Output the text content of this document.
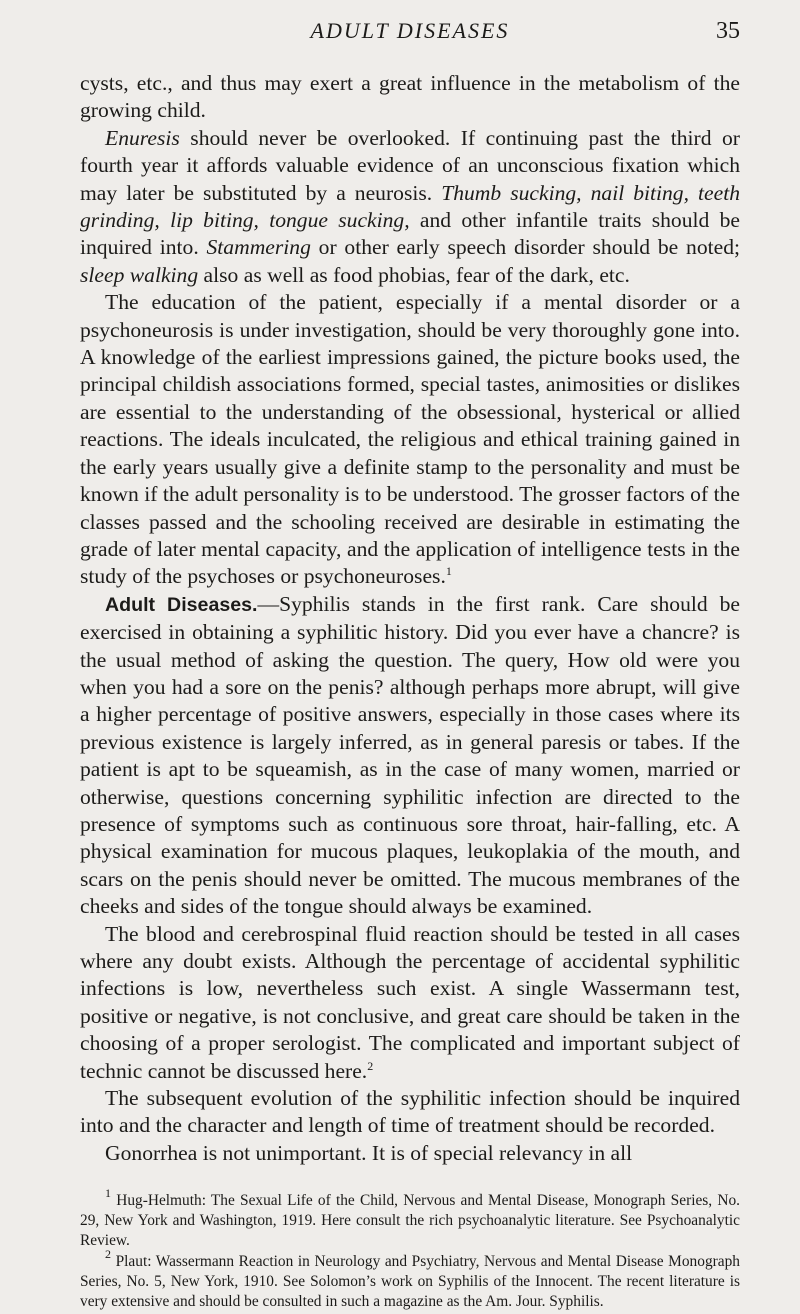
ADULT DISEASES	35

cysts, etc., and thus may exert a great influence in the metabolism of the growing child.

Enuresis should never be overlooked. If continuing past the third or fourth year it affords valuable evidence of an unconscious fixation which may later be substituted by a neurosis. Thumb sucking, nail biting, teeth grinding, lip biting, tongue sucking, and other infantile traits should be inquired into. Stammering or other early speech disorder should be noted; sleep walking also as well as food phobias, fear of the dark, etc.

The education of the patient, especially if a mental disorder or a psychoneurosis is under investigation, should be very thoroughly gone into. A knowledge of the earliest impressions gained, the picture books used, the principal childish associations formed, special tastes, animosities or dislikes are essential to the understanding of the obsessional, hysterical or allied reactions. The ideals inculcated, the religious and ethical training gained in the early years usually give a definite stamp to the personality and must be known if the adult personality is to be understood. The grosser factors of the classes passed and the schooling received are desirable in estimating the grade of later mental capacity, and the application of intelligence tests in the study of the psychoses or psychoneuroses.$^1$

Adult Diseases.—Syphilis stands in the first rank. Care should be exercised in obtaining a syphilitic history. Did you ever have a chancre? is the usual method of asking the question. The query, How old were you when you had a sore on the penis? although perhaps more abrupt, will give a higher percentage of positive answers, especially in those cases where its previous existence is largely inferred, as in general paresis or tabes. If the patient is apt to be squeamish, as in the case of many women, married or otherwise, questions concerning syphilitic infection are directed to the presence of symptoms such as continuous sore throat, hair-falling, etc. A physical examination for mucous plaques, leukoplakia of the mouth, and scars on the penis should never be omitted. The mucous membranes of the cheeks and sides of the tongue should always be examined.

The blood and cerebrospinal fluid reaction should be tested in all cases where any doubt exists. Although the percentage of accidental syphilitic infections is low, nevertheless such exist. A single Wassermann test, positive or negative, is not conclusive, and great care should be taken in the choosing of a proper serologist. The complicated and important subject of technic cannot be discussed here.$^2$

The subsequent evolution of the syphilitic infection should be inquired into and the character and length of time of treatment should be recorded.

Gonorrhea is not unimportant. It is of special relevancy in all

$^1$ Hug-Helmuth: The Sexual Life of the Child, Nervous and Mental Disease, Monograph Series, No. 29, New York and Washington, 1919. Here consult the rich psychoanalytic literature. See Psychoanalytic Review.

$^2$ Plaut: Wassermann Reaction in Neurology and Psychiatry, Nervous and Mental Disease Monograph Series, No. 5, New York, 1910. See Solomon’s work on Syphilis of the Innocent. The recent literature is very extensive and should be consulted in such a magazine as the Am. Jour. Syphilis.
